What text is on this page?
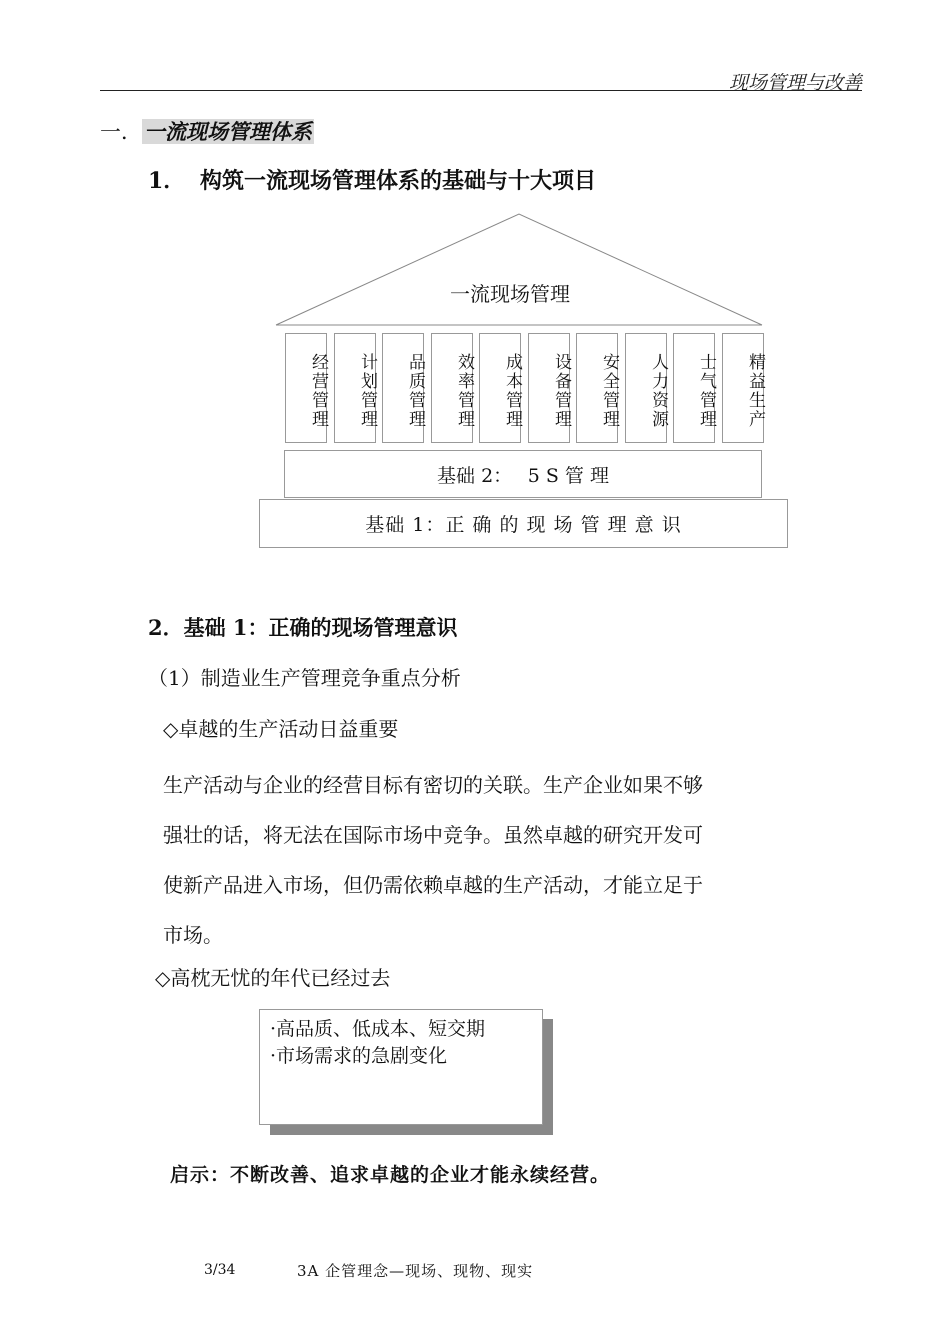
现场管理与改善
一．一流现场管理体系
1． 构筑一流现场管理体系的基础与十大项目
一流现场管理
经营管理	计划管理	品质管理	效率管理	成本管理	设备管理	安全管理	人力资源	士气管理	精益生产
基础 2：　 5 S 管 理
基础 1：正 确 的 现 场 管 理 意 识
2．基础 1：正确的现场管理意识
（1）制造业生产管理竞争重点分析
◇卓越的生产活动日益重要

生产活动与企业的经营目标有密切的关联。生产企业如果不够

强壮的话，将无法在国际市场中竞争。虽然卓越的研究开发可

使新产品进入市场，但仍需依赖卓越的生产活动，才能立足于

市场。

◇高枕无忧的年代已经过去
·高品质、低成本、短交期
·市场需求的急剧变化
启示：不断改善、追求卓越的企业才能永续经营。
3/34	3A 企管理念—现场、现物、现实
